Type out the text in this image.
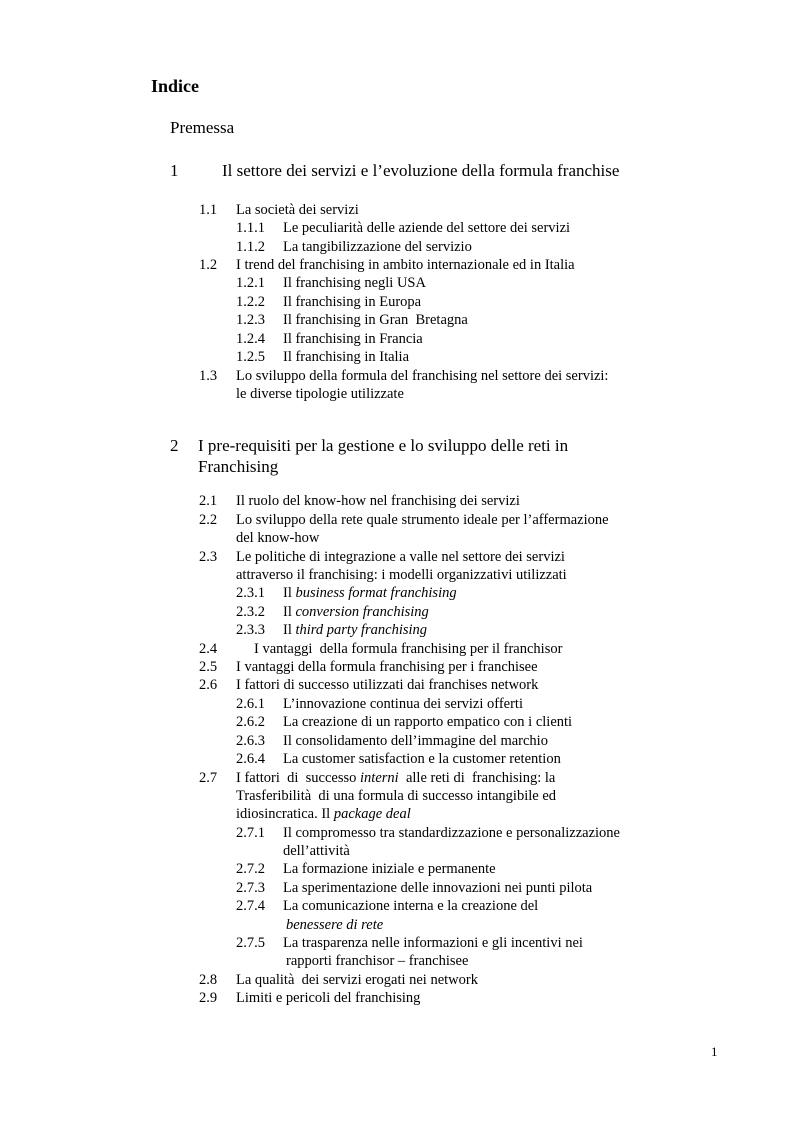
Indice
Premessa
1	Il settore dei servizi e l’evoluzione della formula franchise
1.1 La società dei servizi
1.1.1 Le peculiarità delle aziende del settore dei servizi
1.1.2 La tangibilizzazione del servizio
1.2 I trend del franchising in ambito internazionale ed in Italia
1.2.1 Il franchising negli USA
1.2.2 Il franchising in Europa
1.2.3 Il franchising in Gran  Bretagna
1.2.4 Il franchising in Francia
1.2.5 Il franchising in Italia
1.3 Lo sviluppo della formula del franchising nel settore dei servizi:
le diverse tipologie utilizzate
2 I pre-requisiti per la gestione e lo sviluppo delle reti in
Franchising
2.1 Il ruolo del know-how nel franchising dei servizi
2.2 Lo sviluppo della rete quale strumento ideale per l’affermazione
del know-how
2.3 Le politiche di integrazione a valle nel settore dei servizi
attraverso il franchising: i modelli organizzativi utilizzati
2.3.1 Il business format franchising
2.3.2 Il conversion franchising
2.3.3 Il third party franchising
2.4	I vantaggi  della formula franchising per il franchisor
2.5 I vantaggi della formula franchising per i franchisee
2.6 I fattori di successo utilizzati dai franchises network
2.6.1 L’innovazione continua dei servizi offerti
2.6.2 La creazione di un rapporto empatico con i clienti
2.6.3 Il consolidamento dell’immagine del marchio
2.6.4 La customer satisfaction e la customer retention
2.7 I fattori  di  successo interni  alle reti di  franchising: la
Trasferibilità  di una formula di successo intangibile ed
idiosincratica. Il package deal
2.7.1 Il compromesso tra standardizzazione e personalizzazione
dell’attività
2.7.2 La formazione iniziale e permanente
2.7.3 La sperimentazione delle innovazioni nei punti pilota
2.7.4 La comunicazione interna e la creazione del
benessere di rete
2.7.5 La trasparenza nelle informazioni e gli incentivi nei
rapporti franchisor – franchisee
2.8 La qualità  dei servizi erogati nei network
2.9 Limiti e pericoli del franchising
1
